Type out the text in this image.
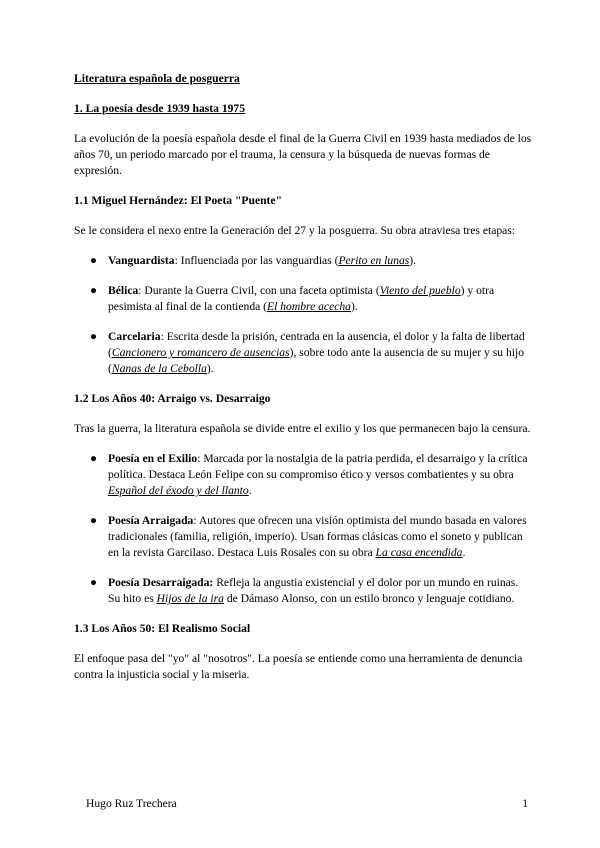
Literatura española de posguerra
1. La poesía desde 1939 hasta 1975

La evolución de la poesía española desde el final de la Guerra Civil en 1939 hasta mediados de los años 70, un periodo marcado por el trauma, la censura y la búsqueda de nuevas formas de expresión.

1.1 Miguel Hernández: El Poeta "Puente"

Se le considera el nexo entre la Generación del 27 y la posguerra. Su obra atraviesa tres etapas:

● Vanguardista: Influenciada por las vanguardias (Perito en lunas).
● Bélica: Durante la Guerra Civil, con una faceta optimista (Viento del pueblo) y otra pesimista al final de la contienda (El hombre acecha).
● Carcelaria: Escrita desde la prisión, centrada en la ausencia, el dolor y la falta de libertad (Cancionero y romancero de ausencias), sobre todo ante la ausencia de su mujer y su hijo (Nanas de la Cebolla).
1.2 Los Años 40: Arraigo vs. Desarraigo

Tras la guerra, la literatura española se divide entre el exilio y los que permanecen bajo la censura.

● Poesía en el Exilio: Marcada por la nostalgia de la patria perdida, el desarraigo y la crítica política. Destaca León Felipe con su compromiso ético y versos combatientes y su obra Español del éxodo y del llanto.
● Poesía Arraigada: Autores que ofrecen una visión optimista del mundo basada en valores tradicionales (familia, religión, imperio). Usan formas clásicas como el soneto y publican en la revista Garcilaso. Destaca Luis Rosales con su obra La casa encendida.
● Poesía Desarraigada: Refleja la angustia existencial y el dolor por un mundo en ruinas. Su hito es Hijos de la ira de Dámaso Alonso, con un estilo bronco y lenguaje cotidiano.
1.3 Los Años 50: El Realismo Social

El enfoque pasa del "yo" al "nosotros". La poesía se entiende como una herramienta de denuncia contra la injusticia social y la miseria.

Hugo Ruz Trechera	1
